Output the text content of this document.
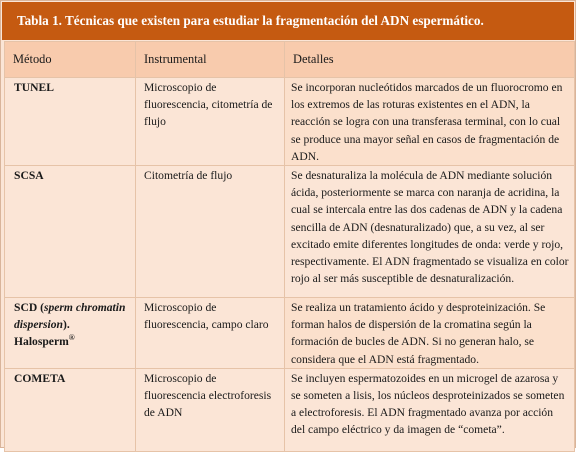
Tabla 1. Técnicas que existen para estudiar la fragmentación del ADN espermático.
Método	Instrumental	Detalles
TUNEL	Microscopio de fluorescencia, citometría de flujo	Se incorporan nucleótidos marcados de un fluorocromo en los extremos de las roturas existentes en el ADN, la reacción se logra con una transferasa terminal, con lo cual se produce una mayor señal en casos de fragmentación de ADN.
SCSA	Citometría de flujo	Se desnaturaliza la molécula de ADN mediante solución ácida, posteriormente se marca con naranja de acridina, la cual se intercala entre las dos cadenas de ADN y la cadena sencilla de ADN (desnaturalizado) que, a su vez, al ser excitado emite diferentes longitudes de onda: verde y rojo, respectivamente. El ADN fragmentado se visualiza en color rojo al ser más susceptible de desnaturalización.
SCD (sperm chromatin dispersion). Halosperm®	Microscopio de fluorescencia, campo claro	Se realiza un tratamiento ácido y desproteinización. Se forman halos de dispersión de la cromatina según la formación de bucles de ADN. Si no generan halo, se considera que el ADN está fragmentado.
COMETA	Microscopio de fluorescencia electroforesis de ADN	Se incluyen espermatozoides en un microgel de azarosa y se someten a lisis, los núcleos desproteinizados se someten a electroforesis. El ADN fragmentado avanza por acción del campo eléctrico y da imagen de “cometa”.
